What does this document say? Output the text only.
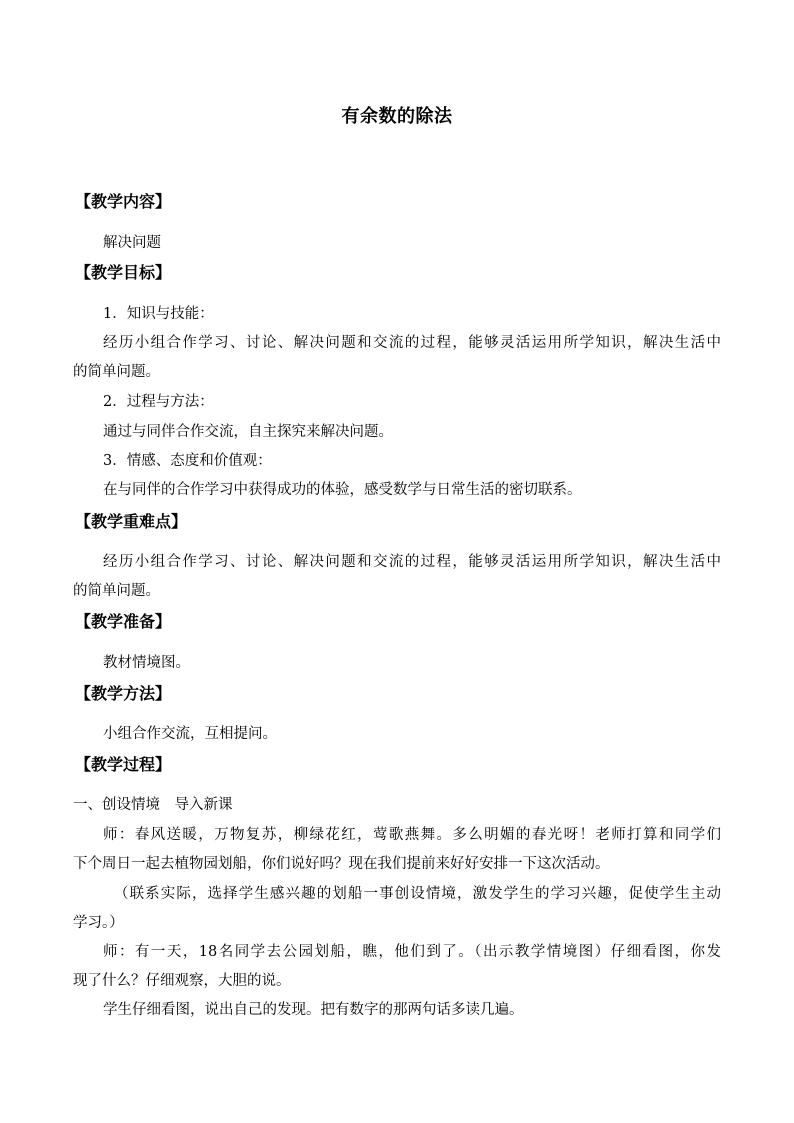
有余数的除法
【教学内容】
解决问题
【教学目标】
1．知识与技能：
经历小组合作学习、讨论、解决问题和交流的过程，能够灵活运用所学知识，解决生活中
的简单问题。
2．过程与方法：
通过与同伴合作交流，自主探究来解决问题。
3．情感、态度和价值观：
在与同伴的合作学习中获得成功的体验，感受数学与日常生活的密切联系。
【教学重难点】
经历小组合作学习、讨论、解决问题和交流的过程，能够灵活运用所学知识，解决生活中
的简单问题。
【教学准备】
教材情境图。
【教学方法】
小组合作交流，互相提问。
【教学过程】
一、创设情境　导入新课
师：春风送暖，万物复苏，柳绿花红，莺歌燕舞。多么明媚的春光呀！老师打算和同学们
下个周日一起去植物园划船，你们说好吗？现在我们提前来好好安排一下这次活动。
（联系实际，选择学生感兴趣的划船一事创设情境，激发学生的学习兴趣，促使学生主动
学习。）
师：有一天，18名同学去公园划船，瞧，他们到了。（出示教学情境图）仔细看图，你发
现了什么？仔细观察，大胆的说。
学生仔细看图，说出自己的发现。把有数字的那两句话多读几遍。
